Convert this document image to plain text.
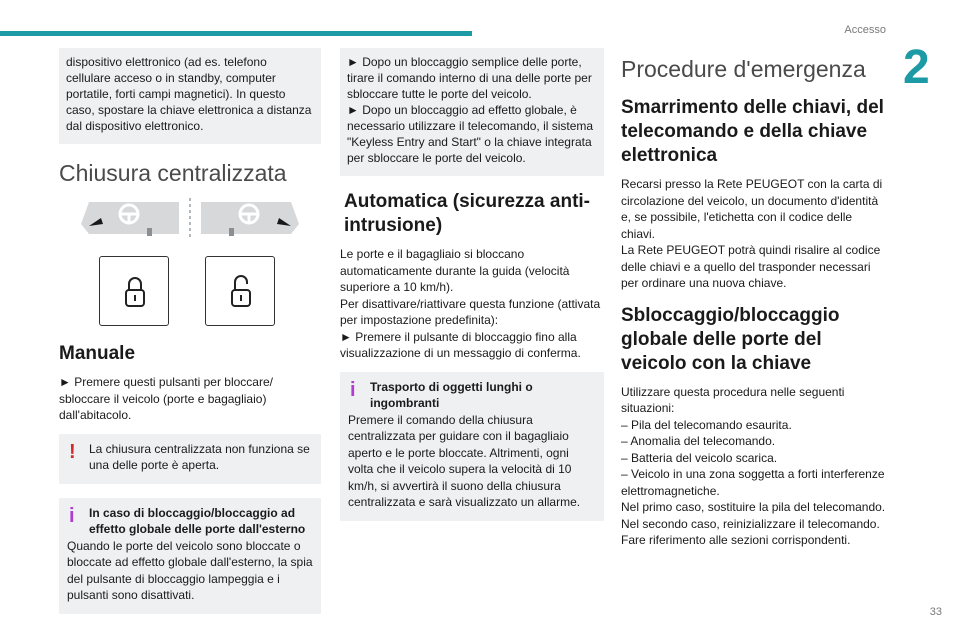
Accesso
2
33
dispositivo elettronico (ad es. telefono cellulare acceso o in standby, computer portatile, forti campi magnetici). In questo caso, spostare la chiave elettronica a distanza dal dispositivo elettronico.
Chiusura centralizzata
Manuale
► Premere questi pulsanti per bloccare/ sbloccare il veicolo (porte e bagagliaio) dall'abitacolo.
! La chiusura centralizzata non funziona se una delle porte è aperta.
i	In caso di bloccaggio/bloccaggio ad effetto globale delle porte dall'esterno
Quando le porte del veicolo sono bloccate o bloccate ad effetto globale dall'esterno, la spia del pulsante di bloccaggio lampeggia e i pulsanti sono disattivati.
► Dopo un bloccaggio semplice delle porte, tirare il comando interno di una delle porte per sbloccare tutte le porte del veicolo.
► Dopo un bloccaggio ad effetto globale, è necessario utilizzare il telecomando, il sistema "Keyless Entry and Start" o la chiave integrata per sbloccare le porte del veicolo.
Automatica (sicurezza anti-intrusione)
Le porte e il bagagliaio si bloccano automaticamente durante la guida (velocità superiore a 10 km/h).
Per disattivare/riattivare questa funzione (attivata per impostazione predefinita):
► Premere il pulsante di bloccaggio fino alla visualizzazione di un messaggio di conferma.
i	Trasporto di oggetti lunghi o ingombranti
Premere il comando della chiusura centralizzata per guidare con il bagagliaio aperto e le porte bloccate. Altrimenti, ogni volta che il veicolo supera la velocità di 10 km/h, si avvertirà il suono della chiusura centralizzata e sarà visualizzato un allarme.
Procedure d'emergenza
Smarrimento delle chiavi, del telecomando e della chiave elettronica
Recarsi presso la Rete PEUGEOT con la carta di circolazione del veicolo, un documento d'identità e, se possibile, l'etichetta con il codice delle chiavi.
La Rete PEUGEOT potrà quindi risalire al codice delle chiavi e a quello del trasponder necessari per ordinare una nuova chiave.
Sbloccaggio/bloccaggio globale delle porte del veicolo con la chiave
Utilizzare questa procedura nelle seguenti situazioni:
– Pila del telecomando esaurita.
– Anomalia del telecomando.
– Batteria del veicolo scarica.
– Veicolo in una zona soggetta a forti interferenze elettromagnetiche.
Nel primo caso, sostituire la pila del telecomando.
Nel secondo caso, reinizializzare il telecomando.
Fare riferimento alle sezioni corrispondenti.
